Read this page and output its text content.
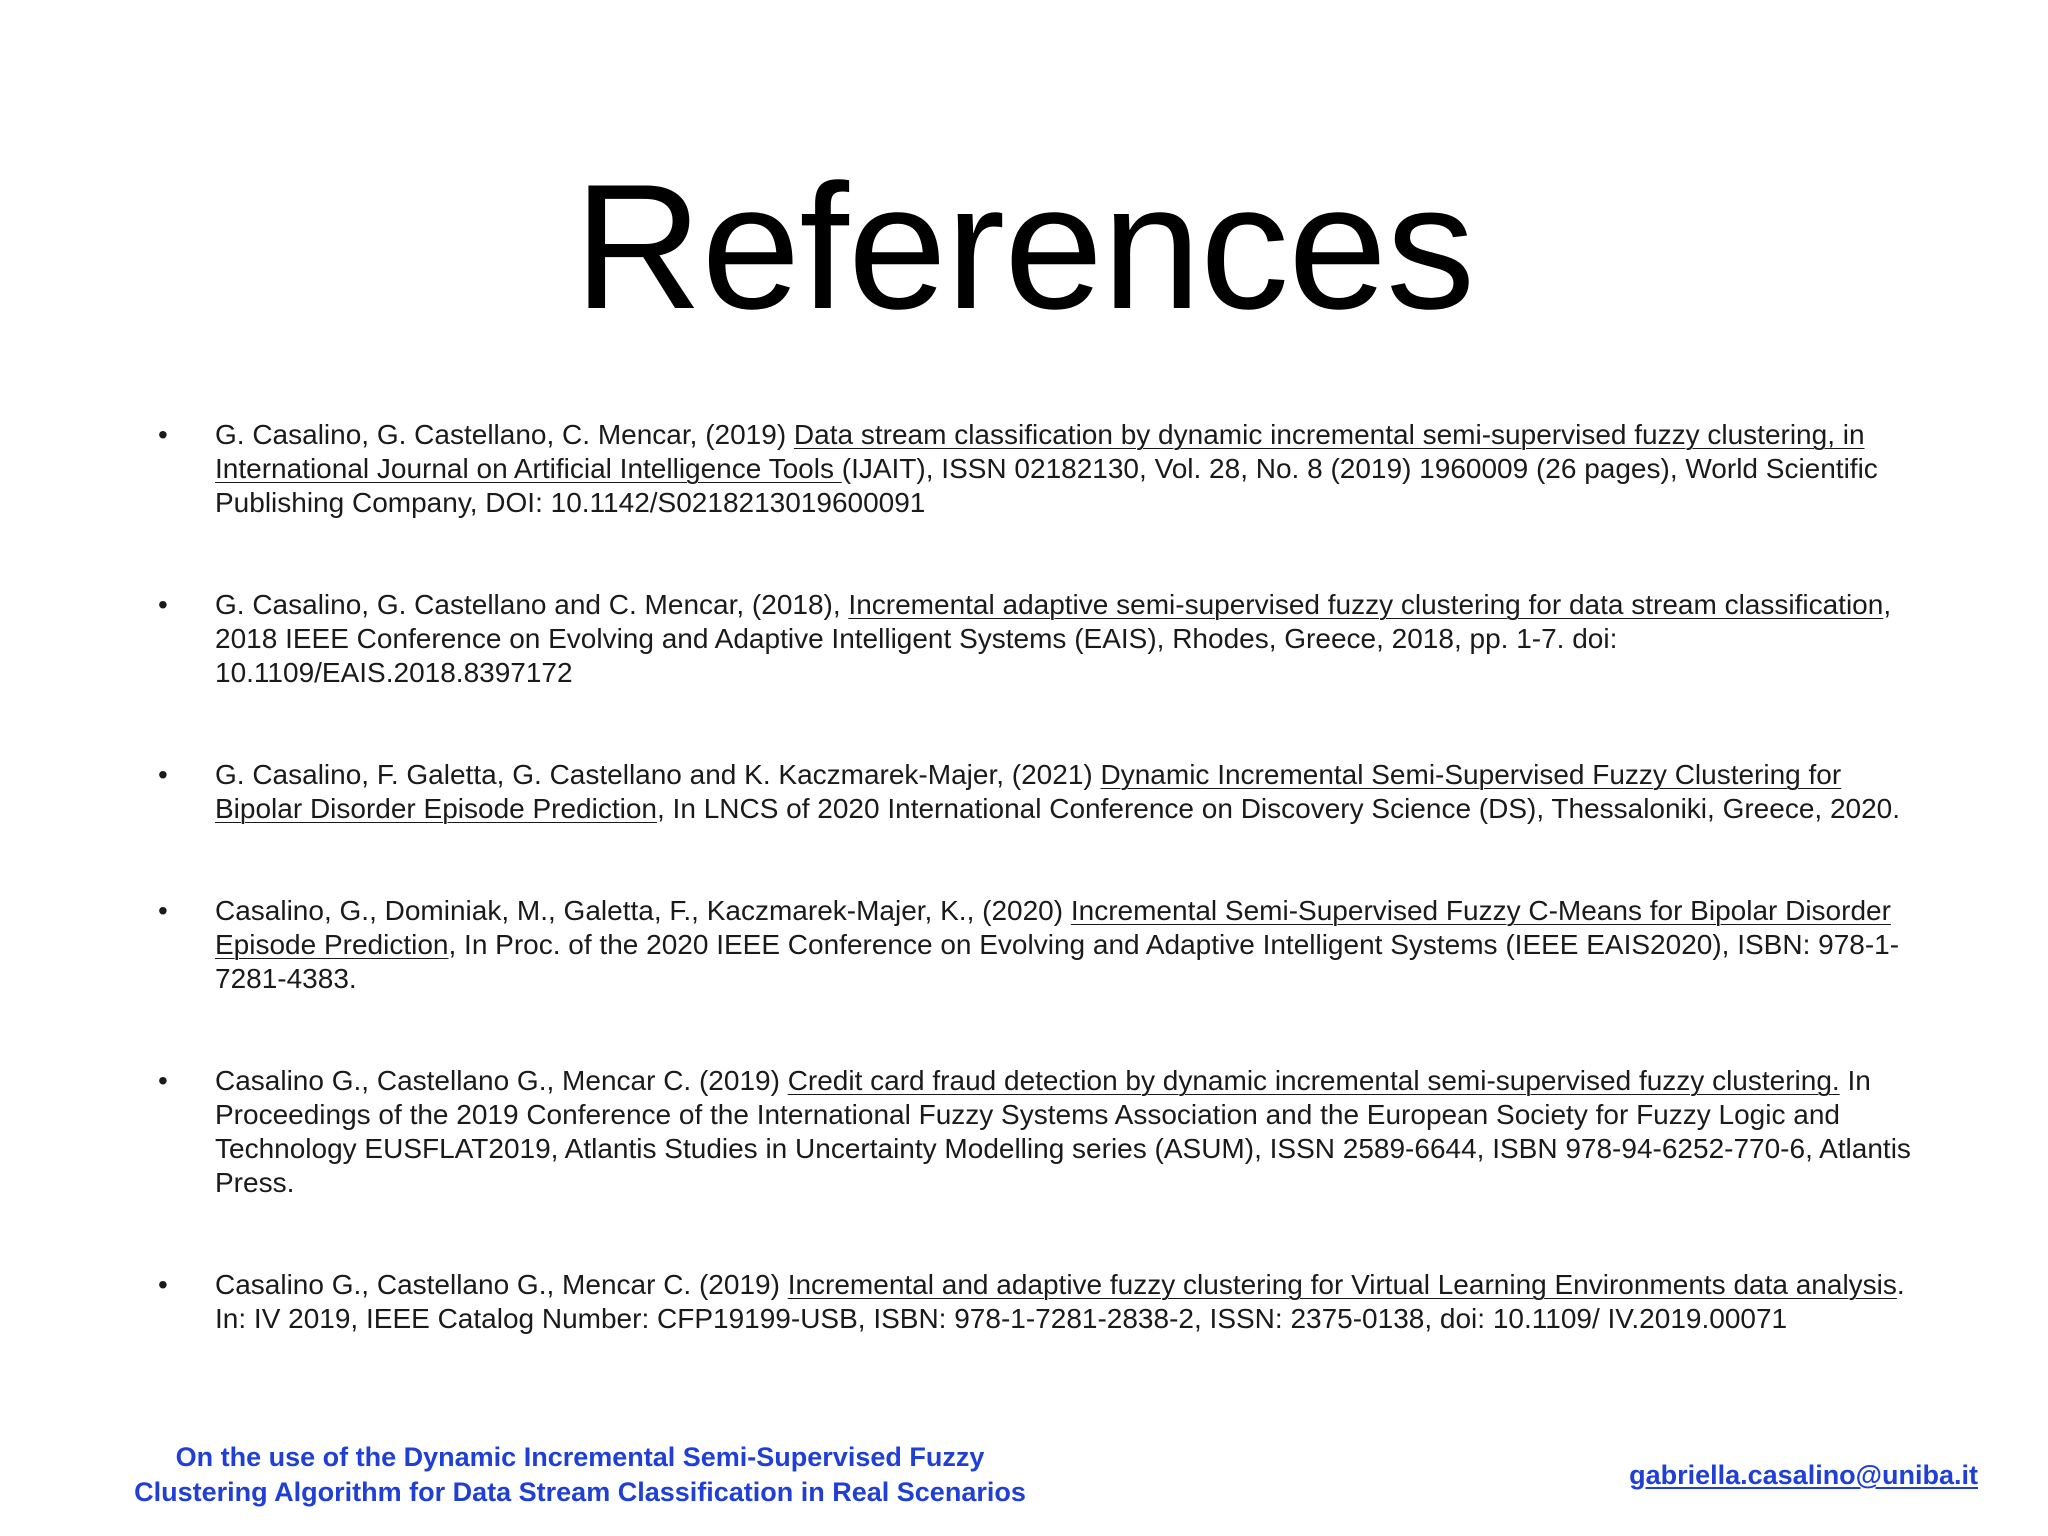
References
• G. Casalino, G. Castellano, C. Mencar, (2019) Data stream classification by dynamic incremental semi-supervised fuzzy clustering, in International Journal on Artificial Intelligence Tools (IJAIT), ISSN 02182130, Vol. 28, No. 8 (2019) 1960009 (26 pages), World Scientific Publishing Company, DOI: 10.1142/S0218213019600091
• G. Casalino, G. Castellano and C. Mencar, (2018), Incremental adaptive semi-supervised fuzzy clustering for data stream classification, 2018 IEEE Conference on Evolving and Adaptive Intelligent Systems (EAIS), Rhodes, Greece, 2018, pp. 1-7. doi: 10.1109/EAIS.2018.8397172
• G. Casalino, F. Galetta, G. Castellano and K. Kaczmarek-Majer, (2021) Dynamic Incremental Semi-Supervised Fuzzy Clustering for Bipolar Disorder Episode Prediction, In LNCS of 2020 International Conference on Discovery Science (DS), Thessaloniki, Greece, 2020.
• Casalino, G., Dominiak, M., Galetta, F., Kaczmarek-Majer, K., (2020) Incremental Semi-Supervised Fuzzy C-Means for Bipolar Disorder Episode Prediction, In Proc. of the 2020 IEEE Conference on Evolving and Adaptive Intelligent Systems (IEEE EAIS2020), ISBN: 978-1-7281-4383.
• Casalino G., Castellano G., Mencar C. (2019) Credit card fraud detection by dynamic incremental semi-supervised fuzzy clustering. In Proceedings of the 2019 Conference of the International Fuzzy Systems Association and the European Society for Fuzzy Logic and Technology EUSFLAT2019, Atlantis Studies in Uncertainty Modelling series (ASUM), ISSN 2589-6644, ISBN 978-94-6252-770-6, Atlantis Press.
• Casalino G., Castellano G., Mencar C. (2019) Incremental and adaptive fuzzy clustering for Virtual Learning Environments data analysis. In: IV 2019, IEEE Catalog Number: CFP19199-USB, ISBN: 978-1-7281-2838-2, ISSN: 2375-0138, doi: 10.1109/ IV.2019.00071
On the use of the Dynamic Incremental Semi-Supervised Fuzzy
Clustering Algorithm for Data Stream Classification in Real Scenarios
gabriella.casalino@uniba.it
